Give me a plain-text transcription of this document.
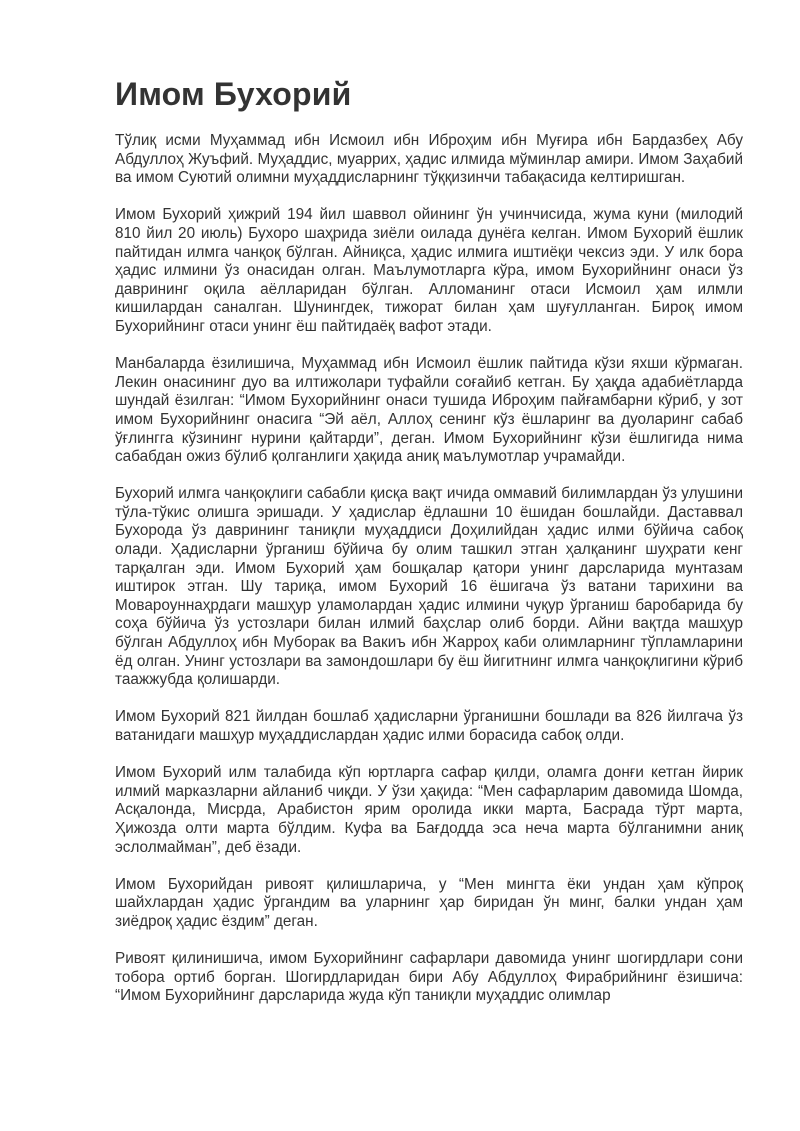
Имом Бухорий

Тўлиқ исми Муҳаммад ибн Исмоил ибн Иброҳим ибн Муғира ибн Бардазбеҳ Абу Абдуллоҳ Жуъфий. Муҳаддис, муаррих, ҳадис илмида мўминлар амири. Имом Заҳабий ва имом Суютий олимни муҳаддисларнинг тўққизинчи табақасида келтиришган.

Имом Бухорий ҳижрий 194 йил шаввол ойининг ўн учинчисида, жума куни (милодий 810 йил 20 июль) Бухоро шаҳрида зиёли оилада дунёга келган. Имом Бухорий ёшлик пайтидан илмга чанқоқ бўлган. Айниқса, ҳадис илмига иштиёқи чексиз эди. У илк бора ҳадис илмини ўз онасидан олган. Маълумотларга кўра, имом Бухорийнинг онаси ўз даврининг оқила аёлларидан бўлган. Алломанинг отаси Исмоил ҳам илмли кишилардан саналган. Шунингдек, тижорат билан ҳам шуғулланган. Бироқ имом Бухорийнинг отаси унинг ёш пайтидаёқ вафот этади.

Манбаларда ёзилишича, Муҳаммад ибн Исмоил ёшлик пайтида кўзи яхши кўрмаган. Лекин онасининг дуо ва илтижолари туфайли соғайиб кетган. Бу ҳақда адабиётларда шундай ёзилган: “Имом Бухорийнинг онаси тушида Иброҳим пайғамбарни кўриб, у зот имом Бухорийнинг онасига “Эй аёл, Аллоҳ сенинг кўз ёшларинг ва дуоларинг сабаб ўғлингга кўзининг нурини қайтарди”, деган. Имом Бухорийнинг кўзи ёшлигида нима сабабдан ожиз бўлиб қолганлиги ҳақида аниқ маълумотлар учрамайди.

Бухорий илмга чанқоқлиги сабабли қисқа вақт ичида оммавий билимлардан ўз улушини тўла-тўкис олишга эришади. У ҳадислар ёдлашни 10 ёшидан бошлайди. Даставвал Бухорода ўз даврининг таниқли муҳаддиси Доҳилийдан ҳадис илми бўйича сабоқ олади. Ҳадисларни ўрганиш бўйича бу олим ташкил этган ҳалқанинг шуҳрати кенг тарқалган эди. Имом Бухорий ҳам бошқалар қатори унинг дарсларида мунтазам иштирок этган. Шу тариқа, имом Бухорий 16 ёшигача ўз ватани тарихини ва Мовароуннаҳрдаги машҳур уламолардан ҳадис илмини чуқур ўрганиш баробарида бу соҳа бўйича ўз устозлари билан илмий баҳслар олиб борди. Айни вақтда машҳур бўлган Абдуллоҳ ибн Муборак ва Вакиъ ибн Жарроҳ каби олимларнинг тўпламларини ёд олган. Унинг устозлари ва замондошлари бу ёш йигитнинг илмга чанқоқлигини кўриб таажжубда қолишарди.

Имом Бухорий 821 йилдан бошлаб ҳадисларни ўрганишни бошлади ва 826 йилгача ўз ватанидаги машҳур муҳаддислардан ҳадис илми борасида сабоқ олди.

Имом Бухорий илм талабида кўп юртларга сафар қилди, оламга донғи кетган йирик илмий марказларни айланиб чиқди. У ўзи ҳақида: “Мен сафарларим давомида Шомда, Асқалонда, Мисрда, Арабистон ярим оролида икки марта, Басрада тўрт марта, Ҳижозда олти марта бўлдим. Куфа ва Бағдодда эса неча марта бўлганимни аниқ эслолмайман”, деб ёзади.

Имом Бухорийдан ривоят қилишларича, у “Мен мингта ёки ундан ҳам кўпроқ шайхлардан ҳадис ўргандим ва уларнинг ҳар биридан ўн минг, балки ундан ҳам зиёдроқ ҳадис ёздим” деган.

Ривоят қилинишича, имом Бухорийнинг сафарлари давомида унинг шогирдлари сони тобора ортиб борган. Шогирдларидан бири Абу Абдуллоҳ Фирабрийнинг ёзишича: “Имом Бухорийнинг дарсларида жуда кўп таниқли муҳаддис олимлар
